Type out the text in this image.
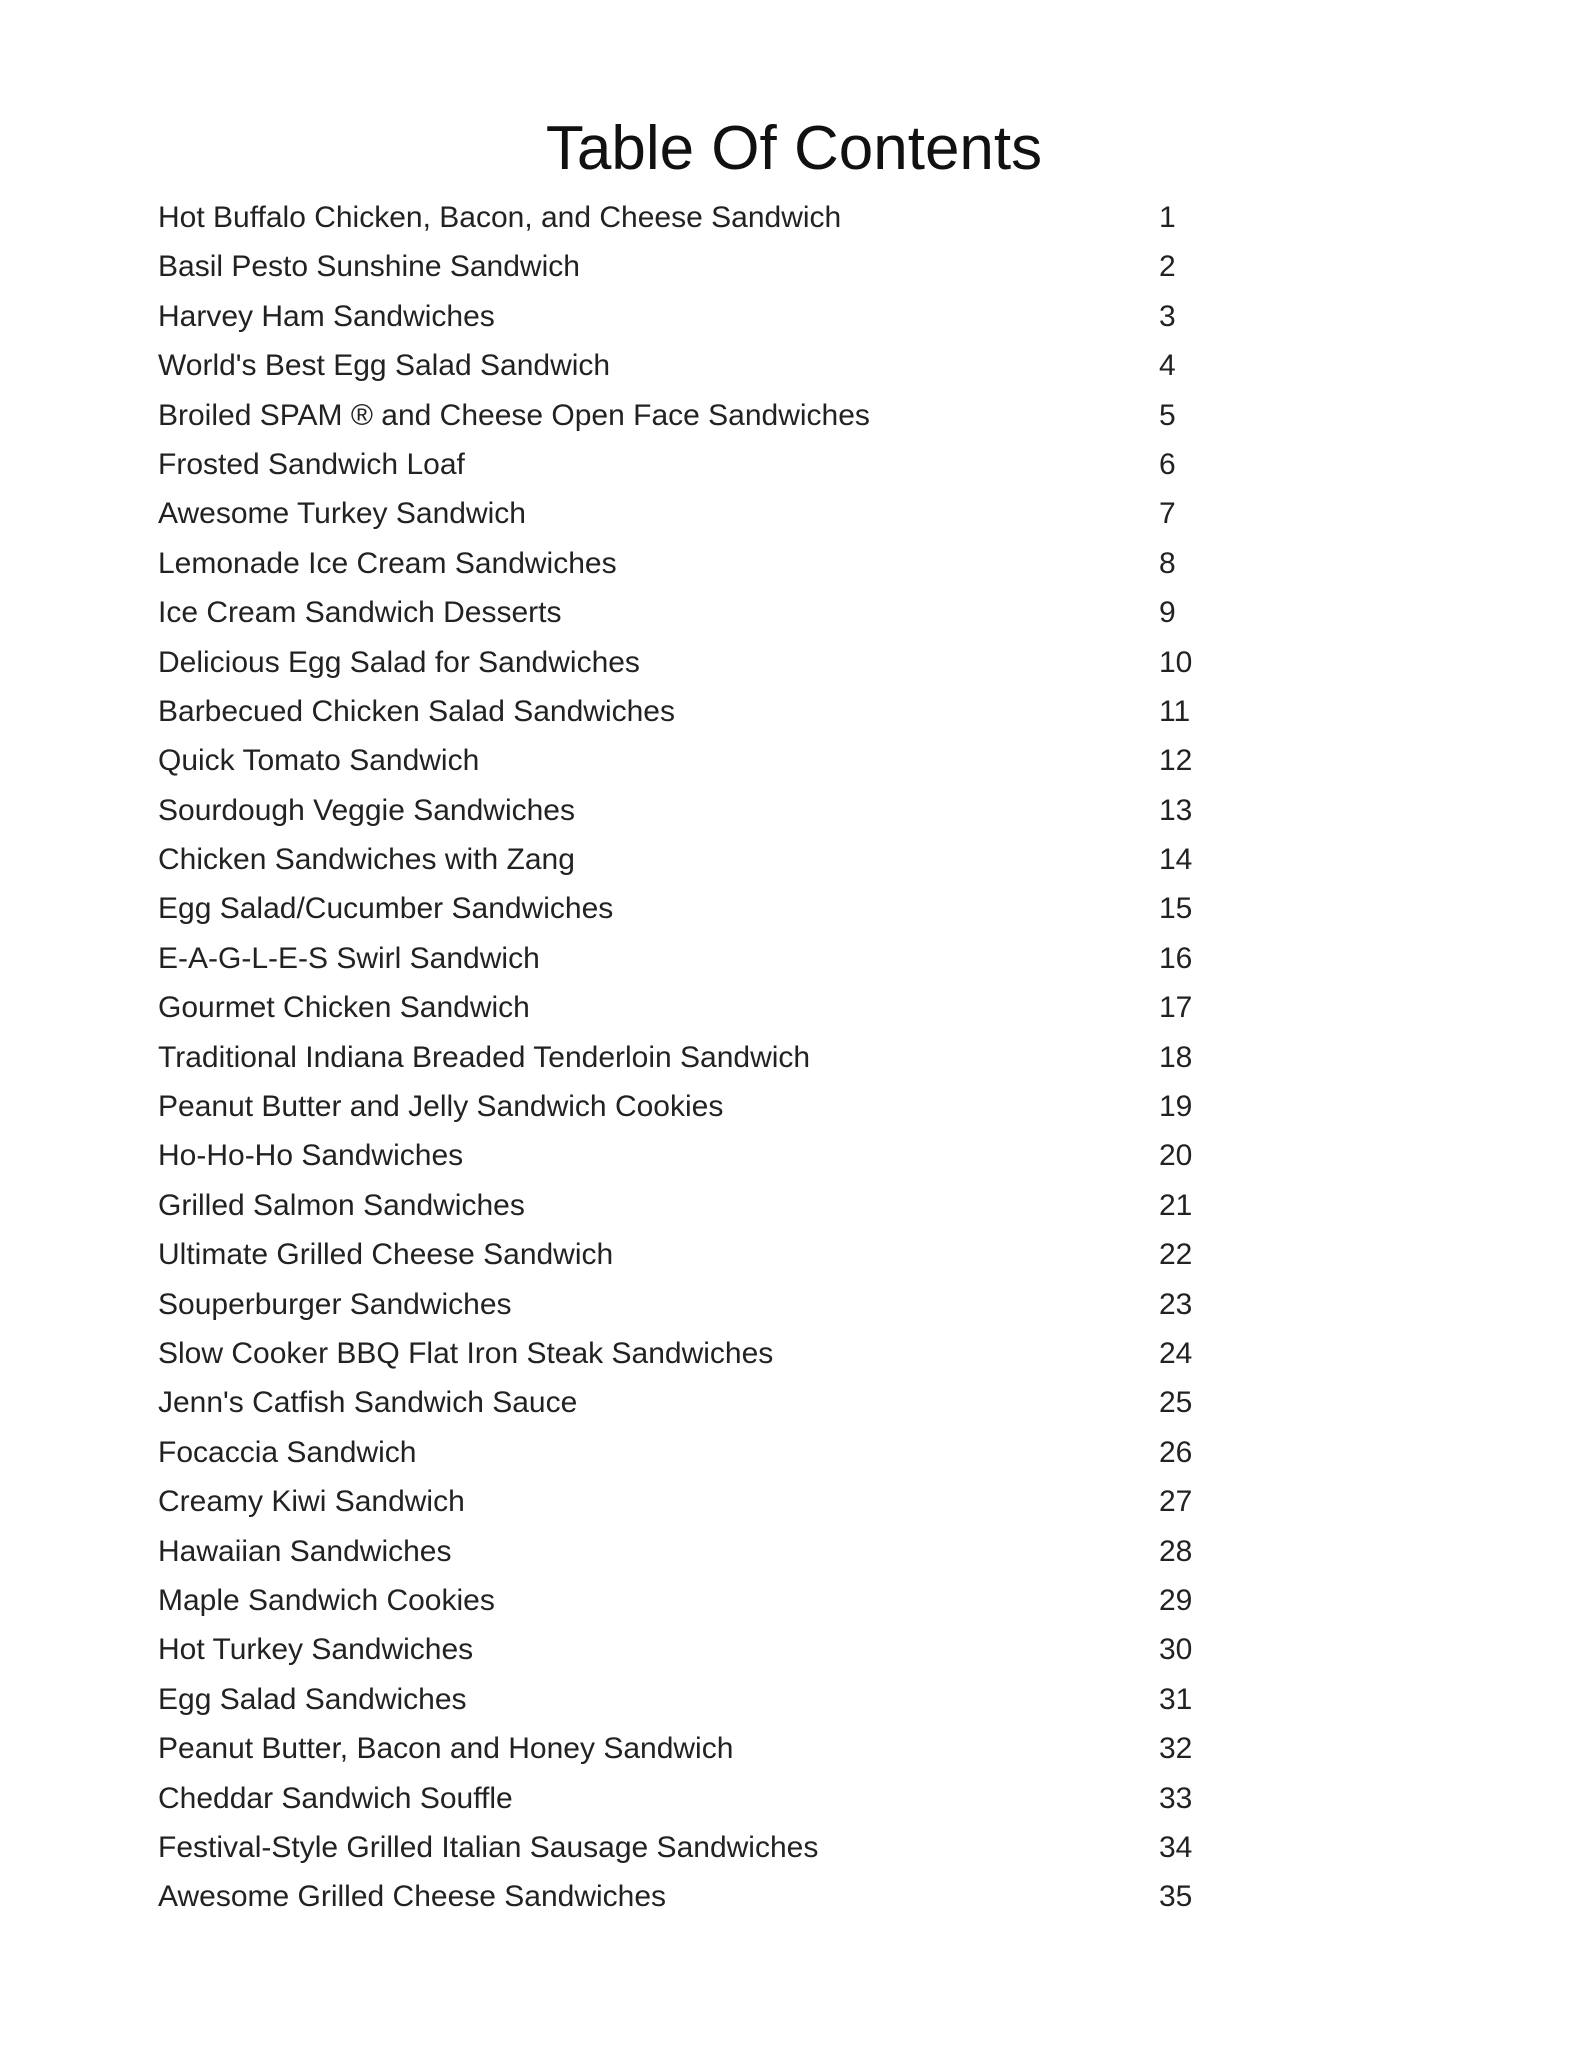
Table Of Contents
Hot Buffalo Chicken, Bacon, and Cheese Sandwich	1
Basil Pesto Sunshine Sandwich	2
Harvey Ham Sandwiches	3
World's Best Egg Salad Sandwich	4
Broiled SPAM ® and Cheese Open Face Sandwiches	5
Frosted Sandwich Loaf	6
Awesome Turkey Sandwich	7
Lemonade Ice Cream Sandwiches	8
Ice Cream Sandwich Desserts	9
Delicious Egg Salad for Sandwiches	10
Barbecued Chicken Salad Sandwiches	11
Quick Tomato Sandwich	12
Sourdough Veggie Sandwiches	13
Chicken Sandwiches with Zang	14
Egg Salad/Cucumber Sandwiches	15
E-A-G-L-E-S Swirl Sandwich	16
Gourmet Chicken Sandwich	17
Traditional Indiana Breaded Tenderloin Sandwich	18
Peanut Butter and Jelly Sandwich Cookies	19
Ho-Ho-Ho Sandwiches	20
Grilled Salmon Sandwiches	21
Ultimate Grilled Cheese Sandwich	22
Souperburger Sandwiches	23
Slow Cooker BBQ Flat Iron Steak Sandwiches	24
Jenn's Catfish Sandwich Sauce	25
Focaccia Sandwich	26
Creamy Kiwi Sandwich	27
Hawaiian Sandwiches	28
Maple Sandwich Cookies	29
Hot Turkey Sandwiches	30
Egg Salad Sandwiches	31
Peanut Butter, Bacon and Honey Sandwich	32
Cheddar Sandwich Souffle	33
Festival-Style Grilled Italian Sausage Sandwiches	34
Awesome Grilled Cheese Sandwiches	35
